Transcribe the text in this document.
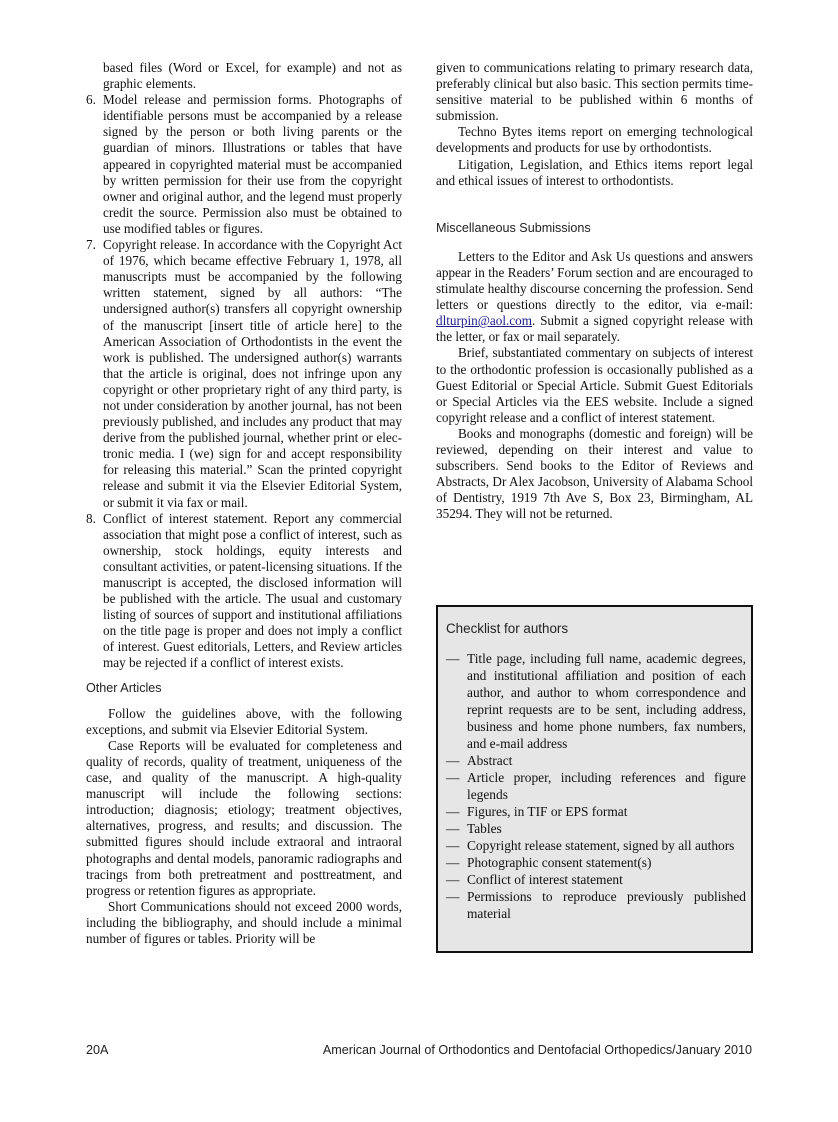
based files (Word or Excel, for example) and not as graphic elements.

6. Model release and permission forms. Photographs of identifiable persons must be accompanied by a release signed by the person or both living parents or the guardian of minors. Illustrations or tables that have appeared in copyrighted material must be accompanied by written permission for their use from the copyright owner and original author, and the legend must properly credit the source. Permission also must be obtained to use modified tables or figures.

7. Copyright release. In accordance with the Copyright Act of 1976, which became effective February 1, 1978, all manuscripts must be accompanied by the following written statement, signed by all authors: “The undersigned author(s) transfers all copyright ownership of the manuscript [insert title of article here] to the American Association of Orthodontists in the event the work is published. The undersigned author(s) warrants that the article is original, does not infringe upon any copyright or other proprietary right of any third party, is not under consideration by another journal, has not been previously published, and includes any product that may derive from the published journal, whether print or electronic media. I (we) sign for and accept responsibility for releasing this material.” Scan the printed copyright release and submit it via the Elsevier Editorial System, or submit it via fax or mail.

8. Conflict of interest statement. Report any commercial association that might pose a conflict of interest, such as ownership, stock holdings, equity interests and consultant activities, or patent-licensing situations. If the manuscript is accepted, the disclosed information will be published with the article. The usual and customary listing of sources of support and institutional affiliations on the title page is proper and does not imply a conflict of interest. Guest editorials, Letters, and Review articles may be rejected if a conflict of interest exists.

Other Articles

Follow the guidelines above, with the following exceptions, and submit via Elsevier Editorial System.

Case Reports will be evaluated for completeness and quality of records, quality of treatment, uniqueness of the case, and quality of the manuscript. A high-quality manuscript will include the following sections: introduction; diagnosis; etiology; treatment objectives, alternatives, progress, and results; and discussion. The submitted figures should include extraoral and intraoral photographs and dental models, panoramic radiographs and tracings from both pretreatment and posttreatment, and progress or retention figures as appropriate.

Short Communications should not exceed 2000 words, including the bibliography, and should include a minimal number of figures or tables. Priority will be

given to communications relating to primary research data, preferably clinical but also basic. This section permits time-sensitive material to be published within 6 months of submission.

Techno Bytes items report on emerging technological developments and products for use by orthodontists.

Litigation, Legislation, and Ethics items report legal and ethical issues of interest to orthodontists.

Miscellaneous Submissions

Letters to the Editor and Ask Us questions and answers appear in the Readers’ Forum section and are encouraged to stimulate healthy discourse concerning the profession. Send letters or questions directly to the editor, via e-mail: dlturpin@aol.com. Submit a signed copyright release with the letter, or fax or mail separately.

Brief, substantiated commentary on subjects of interest to the orthodontic profession is occasionally published as a Guest Editorial or Special Article. Submit Guest Editorials or Special Articles via the EES website. Include a signed copyright release and a conflict of interest statement.

Books and monographs (domestic and foreign) will be reviewed, depending on their interest and value to subscribers. Send books to the Editor of Reviews and Abstracts, Dr Alex Jacobson, University of Alabama School of Dentistry, 1919 7th Ave S, Box 23, Birmingham, AL 35294. They will not be returned.

Checklist for authors
— Title page, including full name, academic degrees, and institutional affiliation and position of each author, and author to whom correspondence and reprint requests are to be sent, including address, business and home phone numbers, fax numbers, and e-mail address
— Abstract
— Article proper, including references and figure legends
— Figures, in TIF or EPS format
— Tables
— Copyright release statement, signed by all authors
— Photographic consent statement(s)
— Conflict of interest statement
— Permissions to reproduce previously published material
20A	American Journal of Orthodontics and Dentofacial Orthopedics/January 2010
